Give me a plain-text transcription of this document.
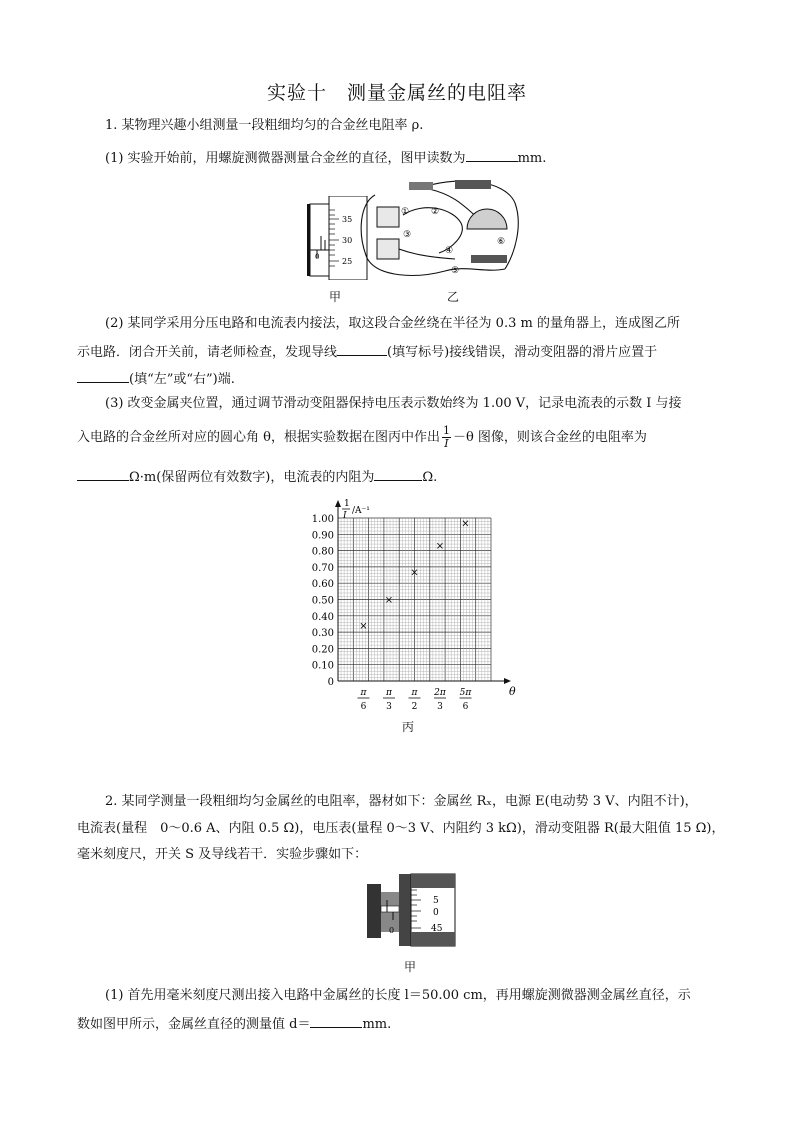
实验十　测量金属丝的电阻率
1. 某物理兴趣小组测量一段粗细均匀的合金丝电阻率 ρ.
(1) 实验开始前，用螺旋测微器测量合金丝的直径，图甲读数为	mm.
0
35
30
25
甲
① ②
③
④
⑤
⑥
乙
(2) 某同学采用分压电路和电流表内接法，取这段合金丝绕在半径为 0.3 m 的量角器上，连成图乙所
示电路．闭合开关前，请老师检查，发现导线	(填写标号)接线错误，滑动变阻器的滑片应置于
(填“左”或“右”)端.
(3) 改变金属夹位置，通过调节滑动变阻器保持电压表示数始终为 1.00 V，记录电流表的示数 I 与接
入电路的合金丝所对应的圆心角 θ，根据实验数据在图丙中作出 $\frac{1}{I} -\theta$ 图像，则该合金丝的电阻率为
Ω·m(保留两位有效数字)，电流表的内阻为	Ω.
0
0.10
0.20
0.30
0.40
0.50
0.60
0.70
0.80
0.90
1.00
1
I /A⁻¹
π
6
π
3
π
2
2π
3
5π
6
θ
×
×
×
×
×
丙
2. 某同学测量一段粗细均匀金属丝的电阻率，器材如下：金属丝 Rₓ，电源 E(电动势 3 V、内阻不计)，
电流表(量程　0～0.6 A、内阻 0.5 Ω)，电压表(量程 0～3 V、内阻约 3 kΩ)，滑动变阻器 R(最大阻值 15 Ω)，
毫米刻度尺，开关 S 及导线若干．实验步骤如下：
0
5
0
45
甲
(1) 首先用毫米刻度尺测出接入电路中金属丝的长度 l＝50.00 cm，再用螺旋测微器测金属丝直径，示
数如图甲所示，金属丝直径的测量值 d＝	mm.
